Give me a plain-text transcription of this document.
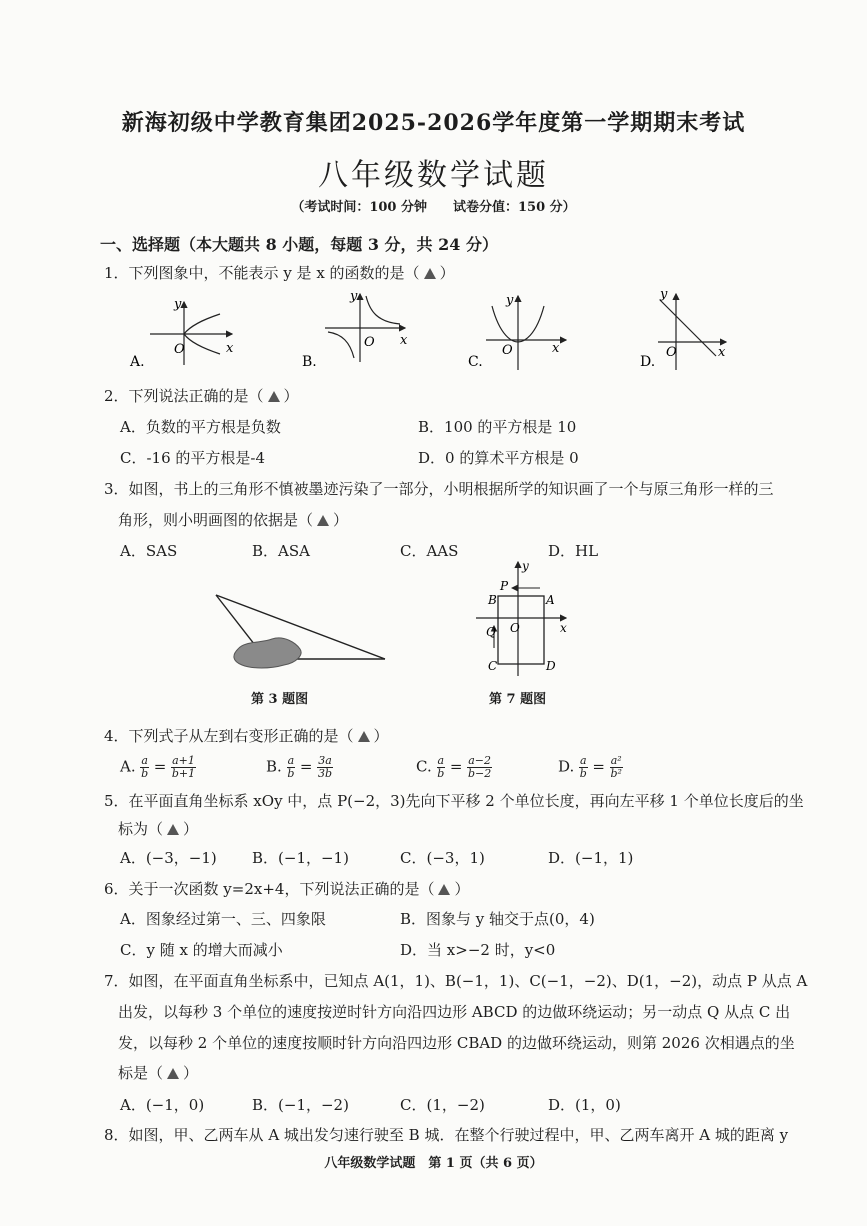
新海初级中学教育集团2025-2026学年度第一学期期末考试
八年级数学试题
（考试时间：100 分钟　　试卷分值：150 分）
一、选择题（本大题共 8 小题，每题 3 分，共 24 分）
1．下列图象中，不能表示 y 是 x 的函数的是（ ）
y
x
O
A.
y
x
O
B.
y
x
O
C.
y
x
O
D.
2．下列说法正确的是（ ）
A．负数的平方根是负数	B．100 的平方根是 10
C．-16 的平方根是-4	D．0 的算术平方根是 0
3．如图，书上的三角形不慎被墨迹污染了一部分，小明根据所学的知识画了一个与原三角形一样的三
角形，则小明画图的依据是（ ）
A．SAS	B．ASA	C．AAS	D．HL
第 3 题图
y
x
O
P
B	A
Q
C	D
第 7 题图
4．下列式子从左到右变形正确的是（ ）
A. $\frac{a}{b} = \frac{a+1}{b+1}$	B. $\frac{a}{b} = \frac{3a}{3b}$	C. $\frac{a}{b} = \frac{a-2}{b-2}$	D. $\frac{a}{b} = \frac{\text{a²}}{\text{b²}}$
5．在平面直角坐标系 xOy 中，点 P(−2，3)先向下平移 2 个单位长度，再向左平移 1 个单位长度后的坐
标为（ ）
A．(−3，−1) B．(−1，−1)	C．(−3，1)	D．(−1，1)
6．关于一次函数 y=2x+4，下列说法正确的是（ ）
A．图象经过第一、三、四象限	B．图象与 y 轴交于点(0，4)
C．y 随 x 的增大而减小	D．当 x>−2 时，y<0
7．如图，在平面直角坐标系中，已知点 A(1，1)、B(−1，1)、C(−1，−2)、D(1，−2)，动点 P 从点 A
出发，以每秒 3 个单位的速度按逆时针方向沿四边形 ABCD 的边做环绕运动；另一动点 Q 从点 C 出
发，以每秒 2 个单位的速度按顺时针方向沿四边形 CBAD 的边做环绕运动，则第 2026 次相遇点的坐
标是（ ）
A．(−1，0)	B．(−1，−2)	C．(1，−2)	D．(1，0)
8．如图，甲、乙两车从 A 城出发匀速行驶至 B 城．在整个行驶过程中，甲、乙两车离开 A 城的距离 y
八年级数学试题　第 1 页（共 6 页）
